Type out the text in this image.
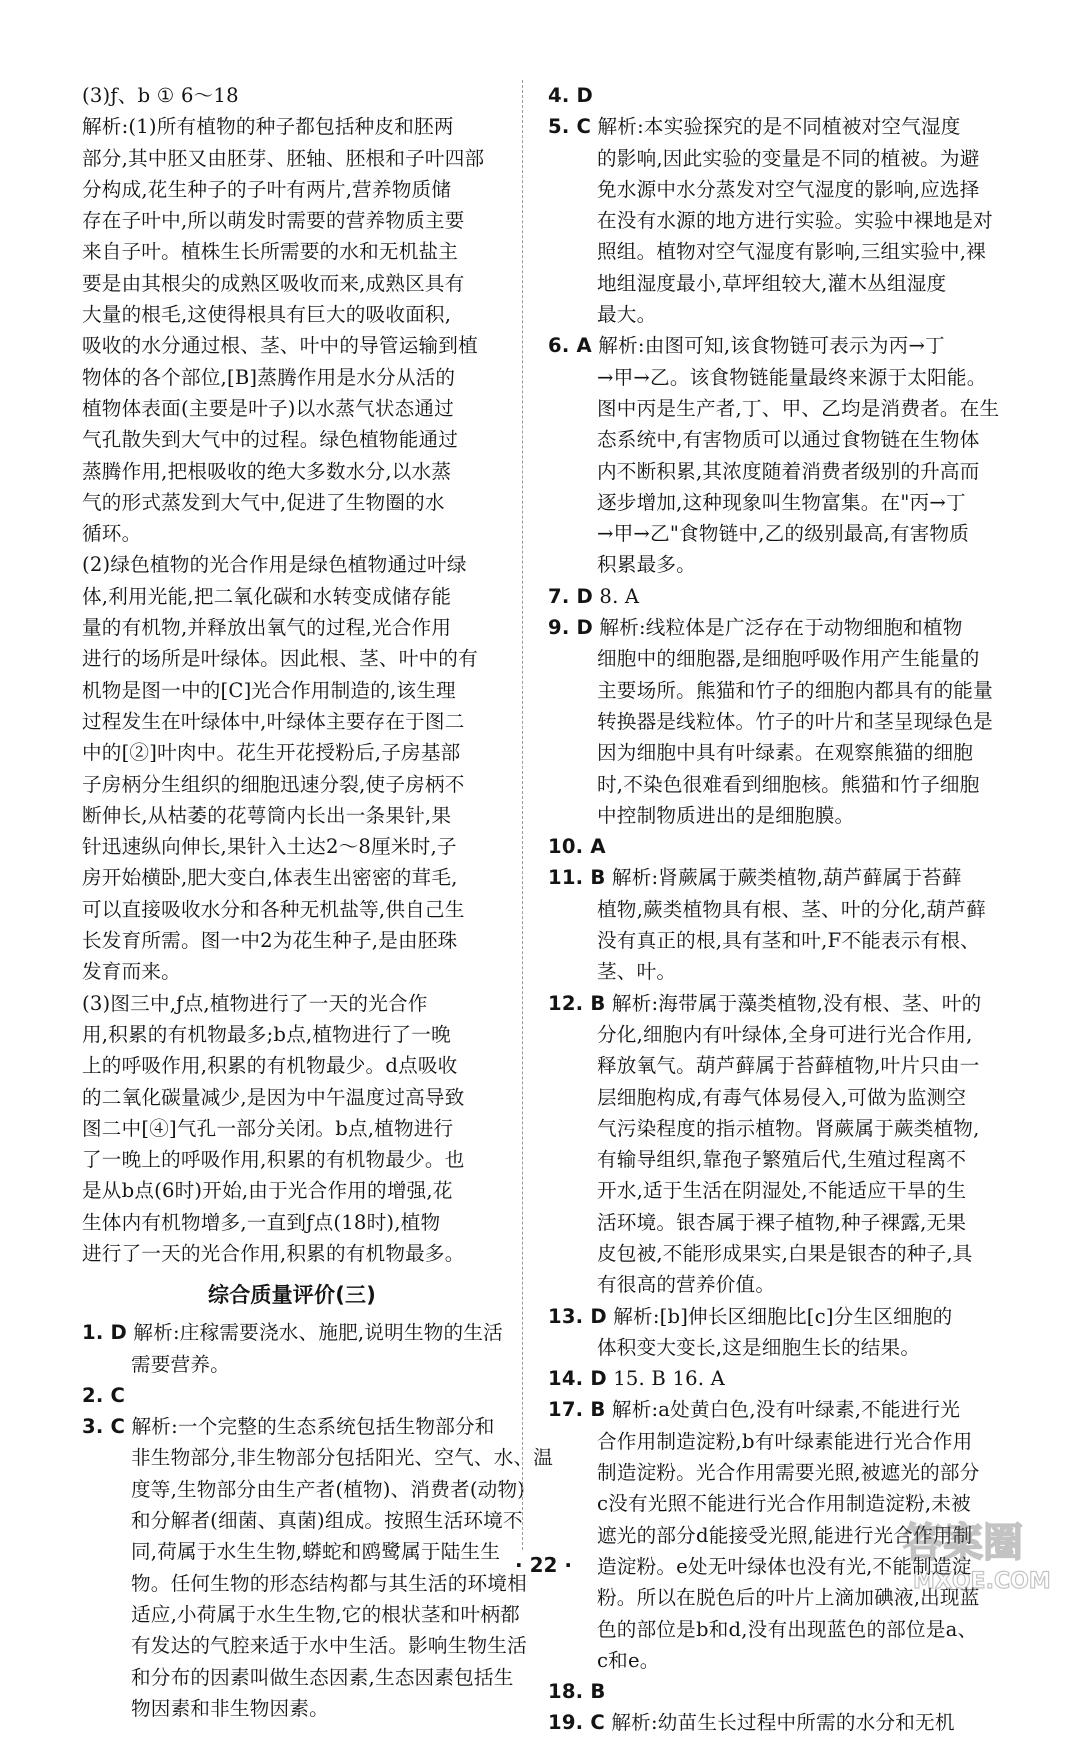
(3)ƒ、b ① 6～18
解析:(1)所有植物的种子都包括种皮和胚两
部分,其中胚又由胚芽、胚轴、胚根和子叶四部
分构成,花生种子的子叶有两片,营养物质储
存在子叶中,所以萌发时需要的营养物质主要
来自子叶。植株生长所需要的水和无机盐主
要是由其根尖的成熟区吸收而来,成熟区具有
大量的根毛,这使得根具有巨大的吸收面积,
吸收的水分通过根、茎、叶中的导管运输到植
物体的各个部位,[B]蒸腾作用是水分从活的
植物体表面(主要是叶子)以水蒸气状态通过
气孔散失到大气中的过程。绿色植物能通过
蒸腾作用,把根吸收的绝大多数水分,以水蒸
气的形式蒸发到大气中,促进了生物圈的水
循环。
(2)绿色植物的光合作用是绿色植物通过叶绿
体,利用光能,把二氧化碳和水转变成储存能
量的有机物,并释放出氧气的过程,光合作用
进行的场所是叶绿体。因此根、茎、叶中的有
机物是图一中的[C]光合作用制造的,该生理
过程发生在叶绿体中,叶绿体主要存在于图二
中的[②]叶肉中。花生开花授粉后,子房基部
子房柄分生组织的细胞迅速分裂,使子房柄不
断伸长,从枯萎的花萼筒内长出一条果针,果
针迅速纵向伸长,果针入土达2～8厘米时,子
房开始横卧,肥大变白,体表生出密密的茸毛,
可以直接吸收水分和各种无机盐等,供自己生
长发育所需。图一中2为花生种子,是由胚珠
发育而来。
(3)图三中,ƒ点,植物进行了一天的光合作
用,积累的有机物最多;b点,植物进行了一晚
上的呼吸作用,积累的有机物最少。d点吸收
的二氧化碳量减少,是因为中午温度过高导致
图二中[④]气孔一部分关闭。b点,植物进行
了一晚上的呼吸作用,积累的有机物最少。也
是从b点(6时)开始,由于光合作用的增强,花
生体内有机物增多,一直到ƒ点(18时),植物
进行了一天的光合作用,积累的有机物最多。
综合质量评价(三)
1. D 解析:庄稼需要浇水、施肥,说明生物的生活
需要营养。
2. C
3. C 解析:一个完整的生态系统包括生物部分和
非生物部分,非生物部分包括阳光、空气、水、温
度等,生物部分由生产者(植物)、消费者(动物)
和分解者(细菌、真菌)组成。按照生活环境不
同,荷属于水生生物,蟒蛇和鸥鹭属于陆生生
物。任何生物的形态结构都与其生活的环境相
适应,小荷属于水生生物,它的根状茎和叶柄都
有发达的气腔来适于水中生活。影响生物生活
和分布的因素叫做生态因素,生态因素包括生
物因素和非生物因素。
4. D
5. C 解析:本实验探究的是不同植被对空气湿度
的影响,因此实验的变量是不同的植被。为避
免水源中水分蒸发对空气湿度的影响,应选择
在没有水源的地方进行实验。实验中裸地是对
照组。植物对空气湿度有影响,三组实验中,裸
地组湿度最小,草坪组较大,灌木丛组湿度
最大。
6. A 解析:由图可知,该食物链可表示为丙→丁
→甲→乙。该食物链能量最终来源于太阳能。
图中丙是生产者,丁、甲、乙均是消费者。在生
态系统中,有害物质可以通过食物链在生物体
内不断积累,其浓度随着消费者级别的升高而
逐步增加,这种现象叫生物富集。在"丙→丁
→甲→乙"食物链中,乙的级别最高,有害物质
积累最多。
7. D 8. A
9. D 解析:线粒体是广泛存在于动物细胞和植物
细胞中的细胞器,是细胞呼吸作用产生能量的
主要场所。熊猫和竹子的细胞内都具有的能量
转换器是线粒体。竹子的叶片和茎呈现绿色是
因为细胞中具有叶绿素。在观察熊猫的细胞
时,不染色很难看到细胞核。熊猫和竹子细胞
中控制物质进出的是细胞膜。
10. A
11. B 解析:肾蕨属于蕨类植物,葫芦藓属于苔藓
植物,蕨类植物具有根、茎、叶的分化,葫芦藓
没有真正的根,具有茎和叶,F不能表示有根、
茎、叶。
12. B 解析:海带属于藻类植物,没有根、茎、叶的
分化,细胞内有叶绿体,全身可进行光合作用,
释放氧气。葫芦藓属于苔藓植物,叶片只由一
层细胞构成,有毒气体易侵入,可做为监测空
气污染程度的指示植物。肾蕨属于蕨类植物,
有输导组织,靠孢子繁殖后代,生殖过程离不
开水,适于生活在阴湿处,不能适应干旱的生
活环境。银杏属于裸子植物,种子裸露,无果
皮包被,不能形成果实,白果是银杏的种子,具
有很高的营养价值。
13. D 解析:[b]伸长区细胞比[c]分生区细胞的
体积变大变长,这是细胞生长的结果。
14. D 15. B 16. A
17. B 解析:a处黄白色,没有叶绿素,不能进行光
合作用制造淀粉,b有叶绿素能进行光合作用
制造淀粉。光合作用需要光照,被遮光的部分
c没有光照不能进行光合作用制造淀粉,未被
遮光的部分d能接受光照,能进行光合作用制
造淀粉。e处无叶绿体也没有光,不能制造淀
粉。所以在脱色后的叶片上滴加碘液,出现蓝
色的部位是b和d,没有出现蓝色的部位是a、
c和e。
18. B
19. C 解析:幼苗生长过程中所需的水分和无机
· 22 ·	答案圈
MXQE.COM
